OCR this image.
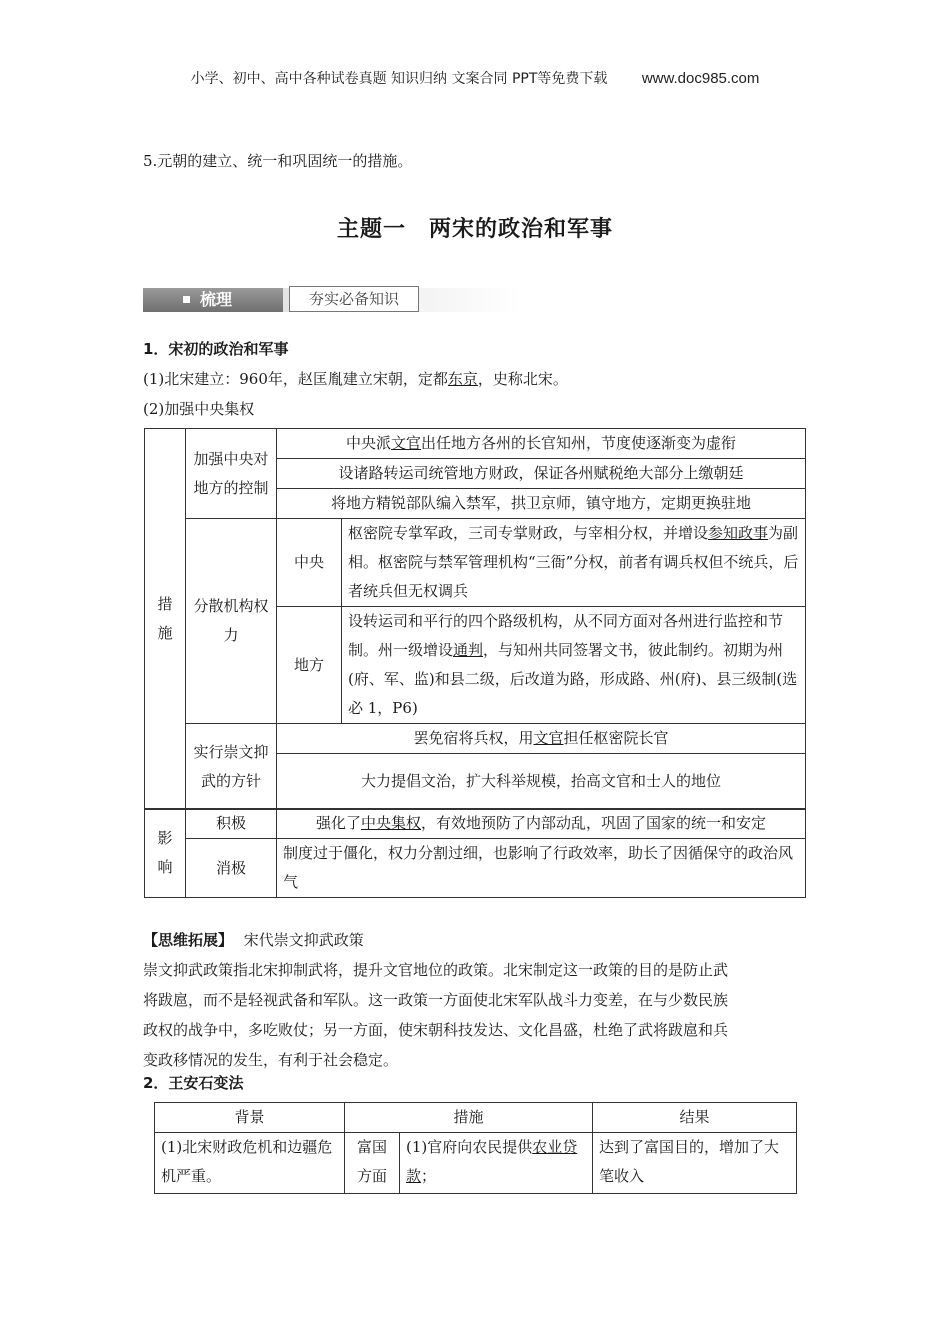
小学、初中、高中各种试卷真题 知识归纳 文案合同 PPT等免费下载 www.doc985.com
5.元朝的建立、统一和巩固统一的措施。
主题一　两宋的政治和军事
梳理	夯实必备知识
1．宋初的政治和军事
(1)北宋建立：960年，赵匡胤建立宋朝，定都东京，史称北宋。
(2)加强中央集权
措
施	加强中央对地方的控制	中央派文官出任地方各州的长官知州，节度使逐渐变为虚衔	
		设诸路转运司统管地方财政，保证各州赋税绝大部分上缴朝廷	
		将地方精锐部队编入禁军，拱卫京师，镇守地方，定期更换驻地	
	分散机构权力	中央	枢密院专掌军政，三司专掌财政，与宰相分权，并增设参知政事为副相。枢密院与禁军管理机构“三衙”分权，前者有调兵权但不统兵，后者统兵但无权调兵
		地方	设转运司和平行的四个路级机构，从不同方面对各州进行监控和节制。州一级增设通判，与知州共同签署文书，彼此制约。初期为州(府、军、监)和县二级，后改道为路，形成路、州(府)、县三级制(选必 1，P6)
	实行崇文抑武的方针	罢免宿将兵权，用文官担任枢密院长官	
		大力提倡文治，扩大科举规模，抬高文官和士人的地位	
影
响	积极	强化了中央集权，有效地预防了内部动乱，巩固了国家的统一和安定
	消极	制度过于僵化，权力分割过细，也影响了行政效率，助长了因循保守的政治风气
【思维拓展】 宋代崇文抑武政策
崇文抑武政策指北宋抑制武将，提升文官地位的政策。北宋制定这一政策的目的是防止武
将跋扈，而不是轻视武备和军队。这一政策一方面使北宋军队战斗力变差，在与少数民族
政权的战争中，多吃败仗；另一方面，使宋朝科技发达、文化昌盛，杜绝了武将跋扈和兵
变政移情况的发生，有利于社会稳定。
2．王安石变法
背景	措施		结果
(1)北宋财政危机和边疆危机严重。	富国方面	(1)官府向农民提供农业贷款；	达到了富国目的，增加了大笔收入
